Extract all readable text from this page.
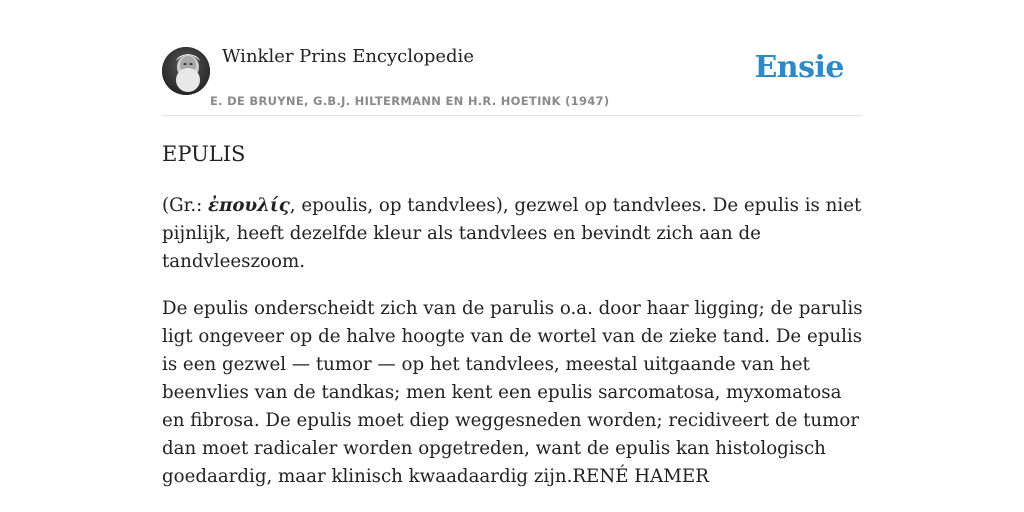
Winkler Prins Encyclopedie
E. DE BRUYNE, G.B.J. HILTERMANN EN H.R. HOETINK (1947)
Ensie
EPULIS

(Gr.: ἐπουλίς, epoulis, op tandvlees), gezwel op tandvlees. De epulis is niet pijnlijk, heeft dezelfde kleur als tandvlees en bevindt zich aan de tandvleeszoom.

De epulis onderscheidt zich van de parulis o.a. door haar ligging; de parulis ligt ongeveer op de halve hoogte van de wortel van de zieke tand. De epulis is een gezwel — tumor — op het tandvlees, meestal uitgaande van het beenvlies van de tandkas; men kent een epulis sarcomatosa, myxomatosa en fibrosa. De epulis moet diep weggesneden worden; recidiveert de tumor dan moet radicaler worden opgetreden, want de epulis kan histologisch goedaardig, maar klinisch kwaadaardig zijn.RENÉ HAMER
